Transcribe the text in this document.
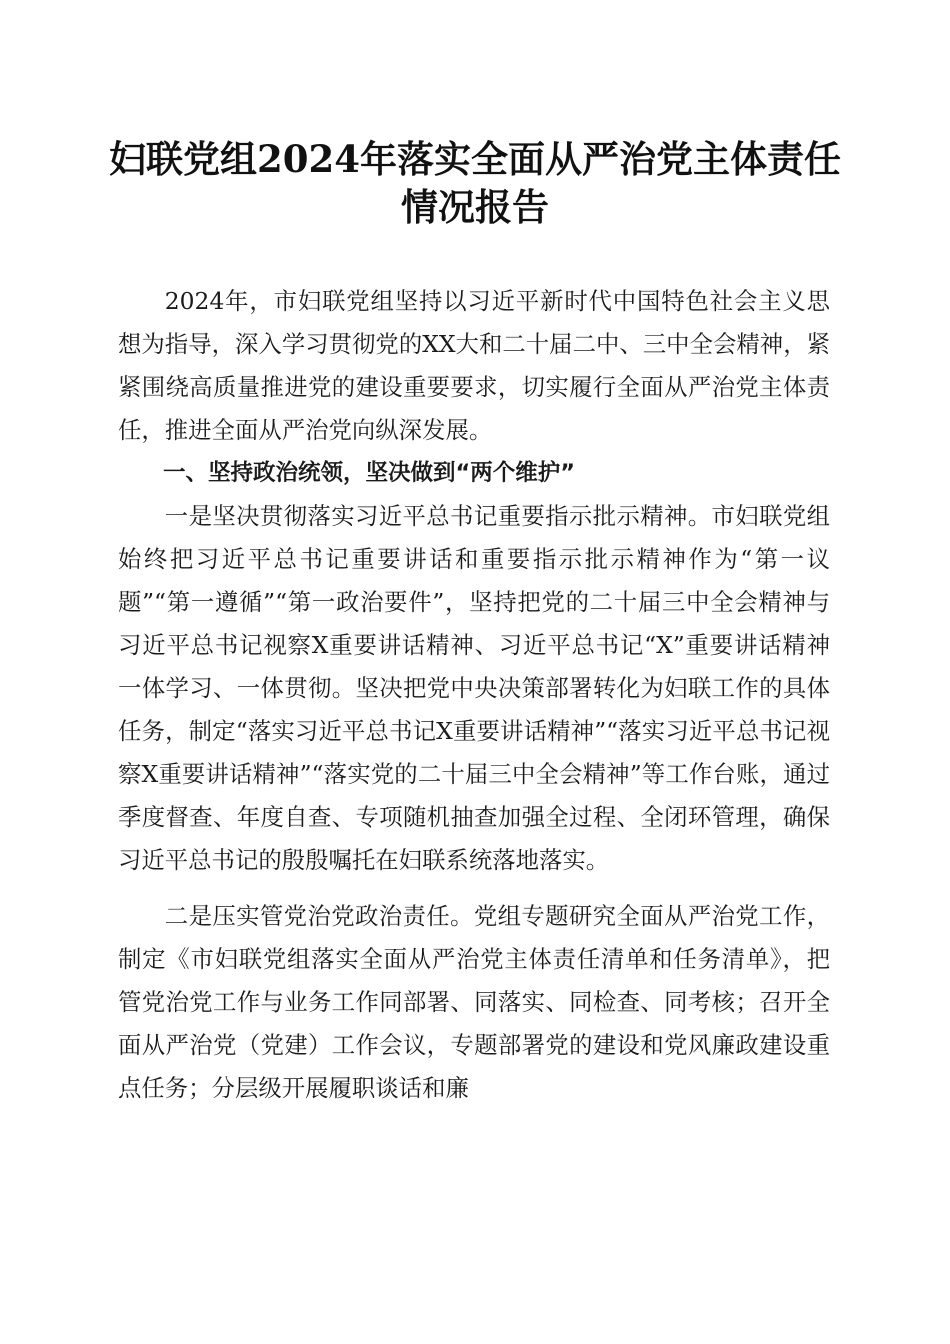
妇联党组2024年落实全面从严治党主体责任
情况报告

2024年，市妇联党组坚持以习近平新时代中国特色社会主义思想为指导，深入学习贯彻党的XX大和二十届二中、三中全会精神，紧紧围绕高质量推进党的建设重要要求，切实履行全面从严治党主体责任，推进全面从严治党向纵深发展。

一、坚持政治统领，坚决做到“两个维护”

一是坚决贯彻落实习近平总书记重要指示批示精神。市妇联党组始终把习近平总书记重要讲话和重要指示批示精神作为“第一议题”“第一遵循”“第一政治要件”，坚持把党的二十届三中全会精神与习近平总书记视察X重要讲话精神、习近平总书记“X”重要讲话精神一体学习、一体贯彻。坚决把党中央决策部署转化为妇联工作的具体任务，制定“落实习近平总书记X重要讲话精神”“落实习近平总书记视察X重要讲话精神”“落实党的二十届三中全会精神”等工作台账，通过季度督查、年度自查、专项随机抽查加强全过程、全闭环管理，确保习近平总书记的殷殷嘱托在妇联系统落地落实。

二是压实管党治党政治责任。党组专题研究全面从严治党工作，制定《市妇联党组落实全面从严治党主体责任清单和任务清单》，把管党治党工作与业务工作同部署、同落实、同检查、同考核；召开全面从严治党（党建）工作会议，专题部署党的建设和党风廉政建设重点任务；分层级开展履职谈话和廉
